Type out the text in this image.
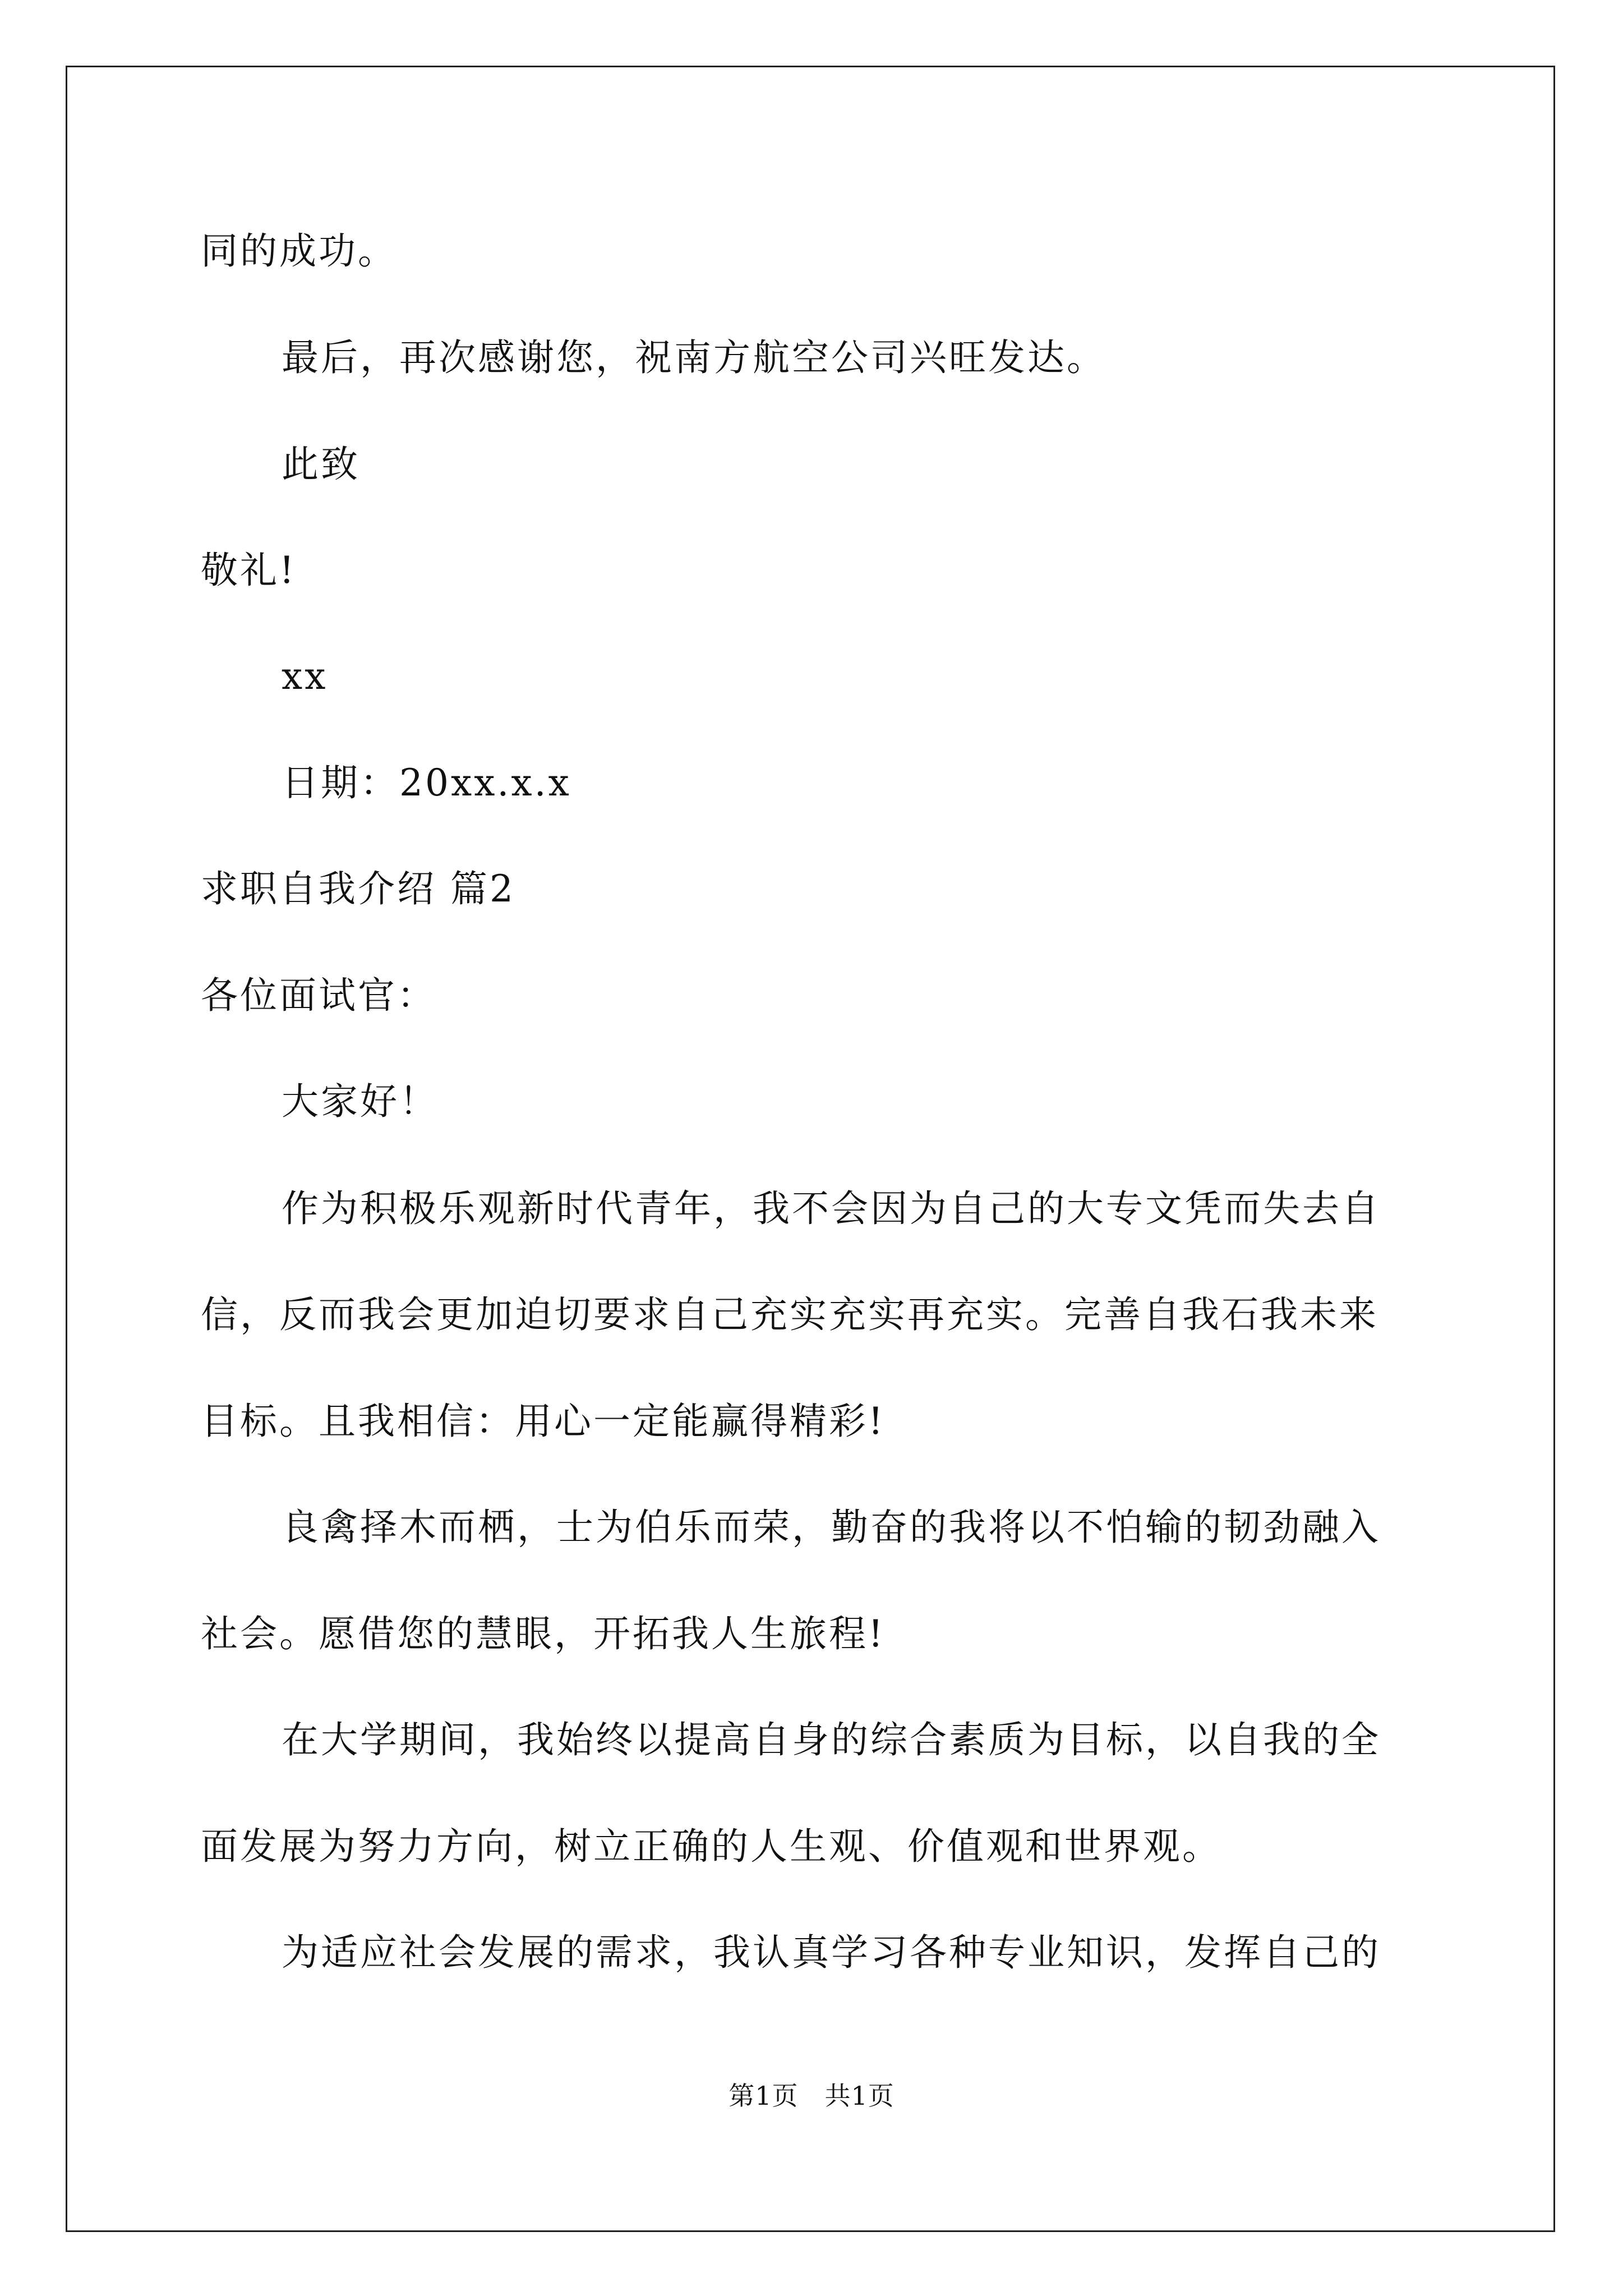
同的成功。
最后，再次感谢您，祝南方航空公司兴旺发达。
此致
敬礼!
xx
日期：20xx.x.x
求职自我介绍 篇2
各位面试官：
大家好！
作为积极乐观新时代青年，我不会因为自己的大专文凭而失去自
信，反而我会更加迫切要求自己充实充实再充实。完善自我石我未来
目标。且我相信：用心一定能赢得精彩!
良禽择木而栖，士为伯乐而荣，勤奋的我将以不怕输的韧劲融入
社会。愿借您的慧眼，开拓我人生旅程!
在大学期间，我始终以提高自身的综合素质为目标，以自我的全
面发展为努力方向，树立正确的人生观、价值观和世界观。
为适应社会发展的需求，我认真学习各种专业知识，发挥自己的
第1页　共1页
